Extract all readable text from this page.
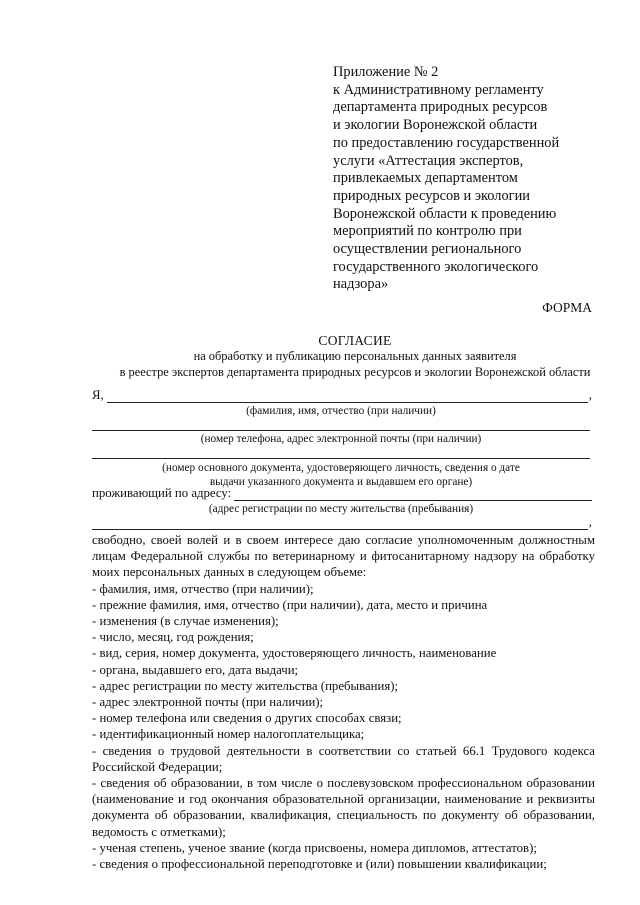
Приложение № 2
к Административному регламенту
департамента природных ресурсов
и экологии Воронежской области
по предоставлению государственной
услуги «Аттестация экспертов,
привлекаемых департаментом
природных ресурсов и экологии
Воронежской области к проведению
мероприятий по контролю при
осуществлении регионального
государственного экологического
надзора»
ФОРМА
СОГЛАСИЕ
на обработку и публикацию персональных данных заявителя
в реестре экспертов департамента природных ресурсов и экологии Воронежской области
Я,	,
(фамилия, имя, отчество (при наличии)
(номер телефона, адрес электронной почты (при наличии)
(номер основного документа, удостоверяющего личность, сведения о дате
выдачи указанного документа и выдавшем его органе)
проживающий по адресу:
(адрес регистрации по месту жительства (пребывания)
,

свободно, своей волей и в своем интересе даю согласие уполномоченным должностным лицам Федеральной службы по ветеринарному и фитосанитарному надзору на обработку моих персональных данных в следующем объеме:

- фамилия, имя, отчество (при наличии);

- прежние фамилия, имя, отчество (при наличии), дата, место и причина

- изменения (в случае изменения);

- число, месяц, год рождения;

- вид, серия, номер документа, удостоверяющего личность, наименование

- органа, выдавшего его, дата выдачи;

- адрес регистрации по месту жительства (пребывания);

- адрес электронной почты (при наличии);

- номер телефона или сведения о других способах связи;

- идентификационный номер налогоплательщика;

- сведения о трудовой деятельности в соответствии со статьей 66.1 Трудового кодекса Российской Федерации;

- сведения об образовании, в том числе о послевузовском профессиональном образовании (наименование и год окончания образовательной организации, наименование и реквизиты документа об образовании, квалификация, специальность по документу об образовании, ведомость с отметками);

- ученая степень, ученое звание (когда присвоены, номера дипломов, аттестатов);

- сведения о профессиональной переподготовке и (или) повышении квалификации;
